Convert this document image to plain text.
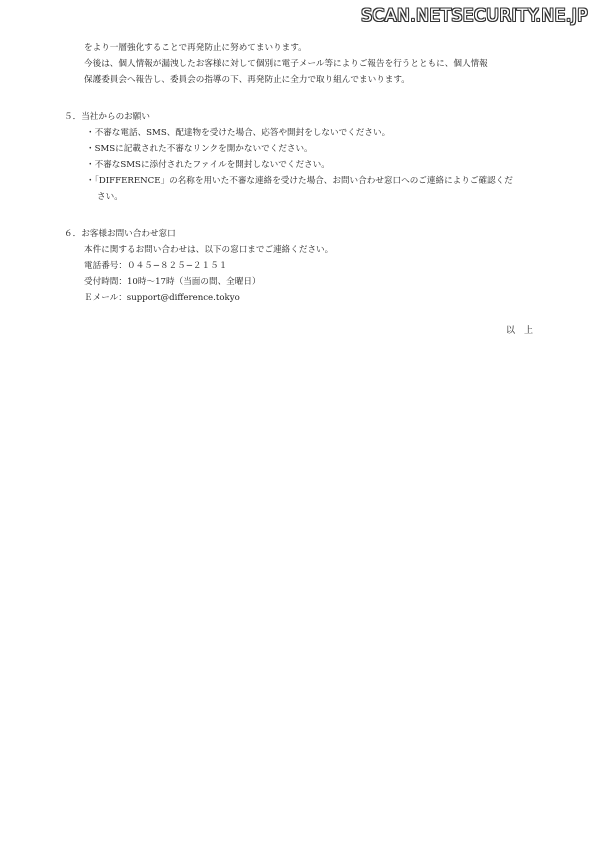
SCAN.NETSECURITY.NE.JP
をより一層強化することで再発防止に努めてまいります。
今後は、個人情報が漏洩したお客様に対して個別に電子メール等によりご報告を行うとともに、個人情報
保護委員会へ報告し、委員会の指導の下、再発防止に全力で取り組んでまいります。
５．当社からのお願い
・不審な電話、SMS、配達物を受けた場合、応答や開封をしないでください。
・SMSに記載された不審なリンクを開かないでください。
・不審なSMSに添付されたファイルを開封しないでください。
・「DIFFERENCE」の名称を用いた不審な連絡を受けた場合、お問い合わせ窓口へのご連絡によりご確認くだ
さい。
６．お客様お問い合わせ窓口
本件に関するお問い合わせは、以下の窓口までご連絡ください。
電話番号：０４５−８２５−２１５１
受付時間：10時〜17時（当面の間、全曜日）
Ｅメール：support@difference.tokyo
以　上
